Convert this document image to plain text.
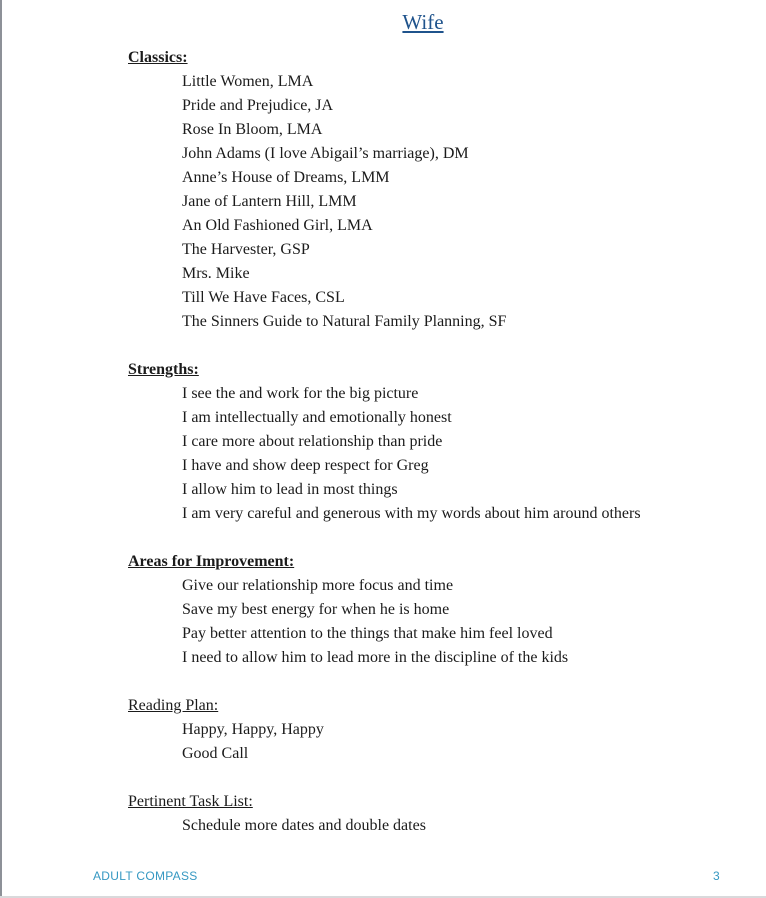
Wife
Classics:
Little Women, LMA
Pride and Prejudice, JA
Rose In Bloom, LMA
John Adams (I love Abigail’s marriage), DM
Anne’s House of Dreams, LMM
Jane of Lantern Hill, LMM
An Old Fashioned Girl, LMA
The Harvester, GSP
Mrs. Mike
Till We Have Faces, CSL
The Sinners Guide to Natural Family Planning, SF
Strengths:
I see the and work for the big picture
I am intellectually and emotionally honest
I care more about relationship than pride
I have and show deep respect for Greg
I allow him to lead in most things
I am very careful and generous with my words about him around others
Areas for Improvement:
Give our relationship more focus and time
Save my best energy for when he is home
Pay better attention to the things that make him feel loved
I need to allow him to lead more in the discipline of the kids
Reading Plan:
Happy, Happy, Happy
Good Call
Pertinent Task List:
Schedule more dates and double dates
ADULT COMPASS	3
